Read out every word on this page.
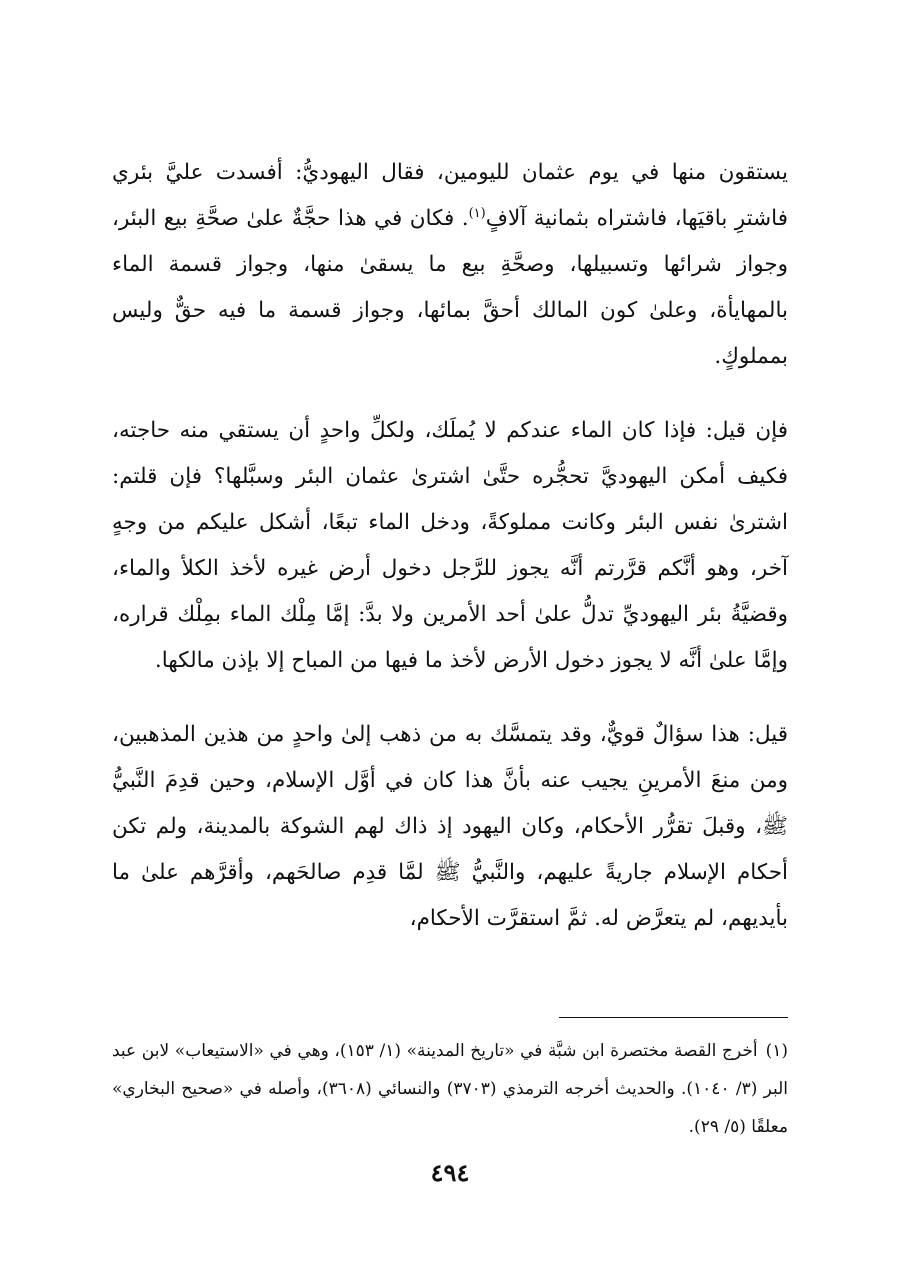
يستقون منها في يوم عثمان لليومين، فقال اليهوديُّ: أفسدت عليَّ بئري فاشترِ باقيَها، فاشتراه بثمانية آلافٍ$^{(١)}$. فكان في هذا حجَّةٌ علىٰ صحَّةِ بيع البئر، وجواز شرائها وتسبيلها، وصحَّةِ بيع ما يسقىٰ منها، وجواز قسمة الماء بالمهايأة، وعلىٰ كون المالك أحقَّ بمائها، وجواز قسمة ما فيه حقٌّ وليس بمملوكٍ.

فإن قيل: فإذا كان الماء عندكم لا يُملَك، ولكلِّ واحدٍ أن يستقي منه حاجته، فكيف أمكن اليهوديَّ تحجُّره حتَّىٰ اشترىٰ عثمان البئر وسبَّلها؟ فإن قلتم: اشترىٰ نفس البئر وكانت مملوكةً، ودخل الماء تبعًا، أشكل عليكم من وجهٍ آخر، وهو أنَّكم قرَّرتم أنَّه يجوز للرَّجل دخول أرض غيره لأخذ الكلأ والماء، وقضيَّةُ بئر اليهوديِّ تدلُّ علىٰ أحد الأمرين ولا بدَّ: إمَّا مِلْك الماء بمِلْك قراره، وإمَّا علىٰ أنَّه لا يجوز دخول الأرض لأخذ ما فيها من المباح إلا بإذن مالكها.

قيل: هذا سؤالٌ قويٌّ، وقد يتمسَّك به من ذهب إلىٰ واحدٍ من هذين المذهبين، ومن منعَ الأمرينِ يجيب عنه بأنَّ هذا كان في أوَّل الإسلام، وحين قدِمَ النَّبيُّ ﷺ، وقبلَ تقرُّر الأحكام، وكان اليهود إذ ذاك لهم الشوكة بالمدينة، ولم تكن أحكام الإسلام جاريةً عليهم، والنَّبيُّ ﷺ لمَّا قدِم صالحَهم، وأقرَّهم علىٰ ما بأيديهم، لم يتعرَّض له. ثمَّ استقرَّت الأحكام،

(١)أخرج القصة مختصرة ابن شبَّة في «تاريخ المدينة» (١/ ١٥٣)، وهي في «الاستيعاب» لابن عبد البر (٣/ ١٠٤٠). والحديث أخرجه الترمذي (٣٧٠٣) والنسائي (٣٦٠٨)، وأصله في «صحيح البخاري» معلقًا (٥/ ٢٩).
٤٩٤
